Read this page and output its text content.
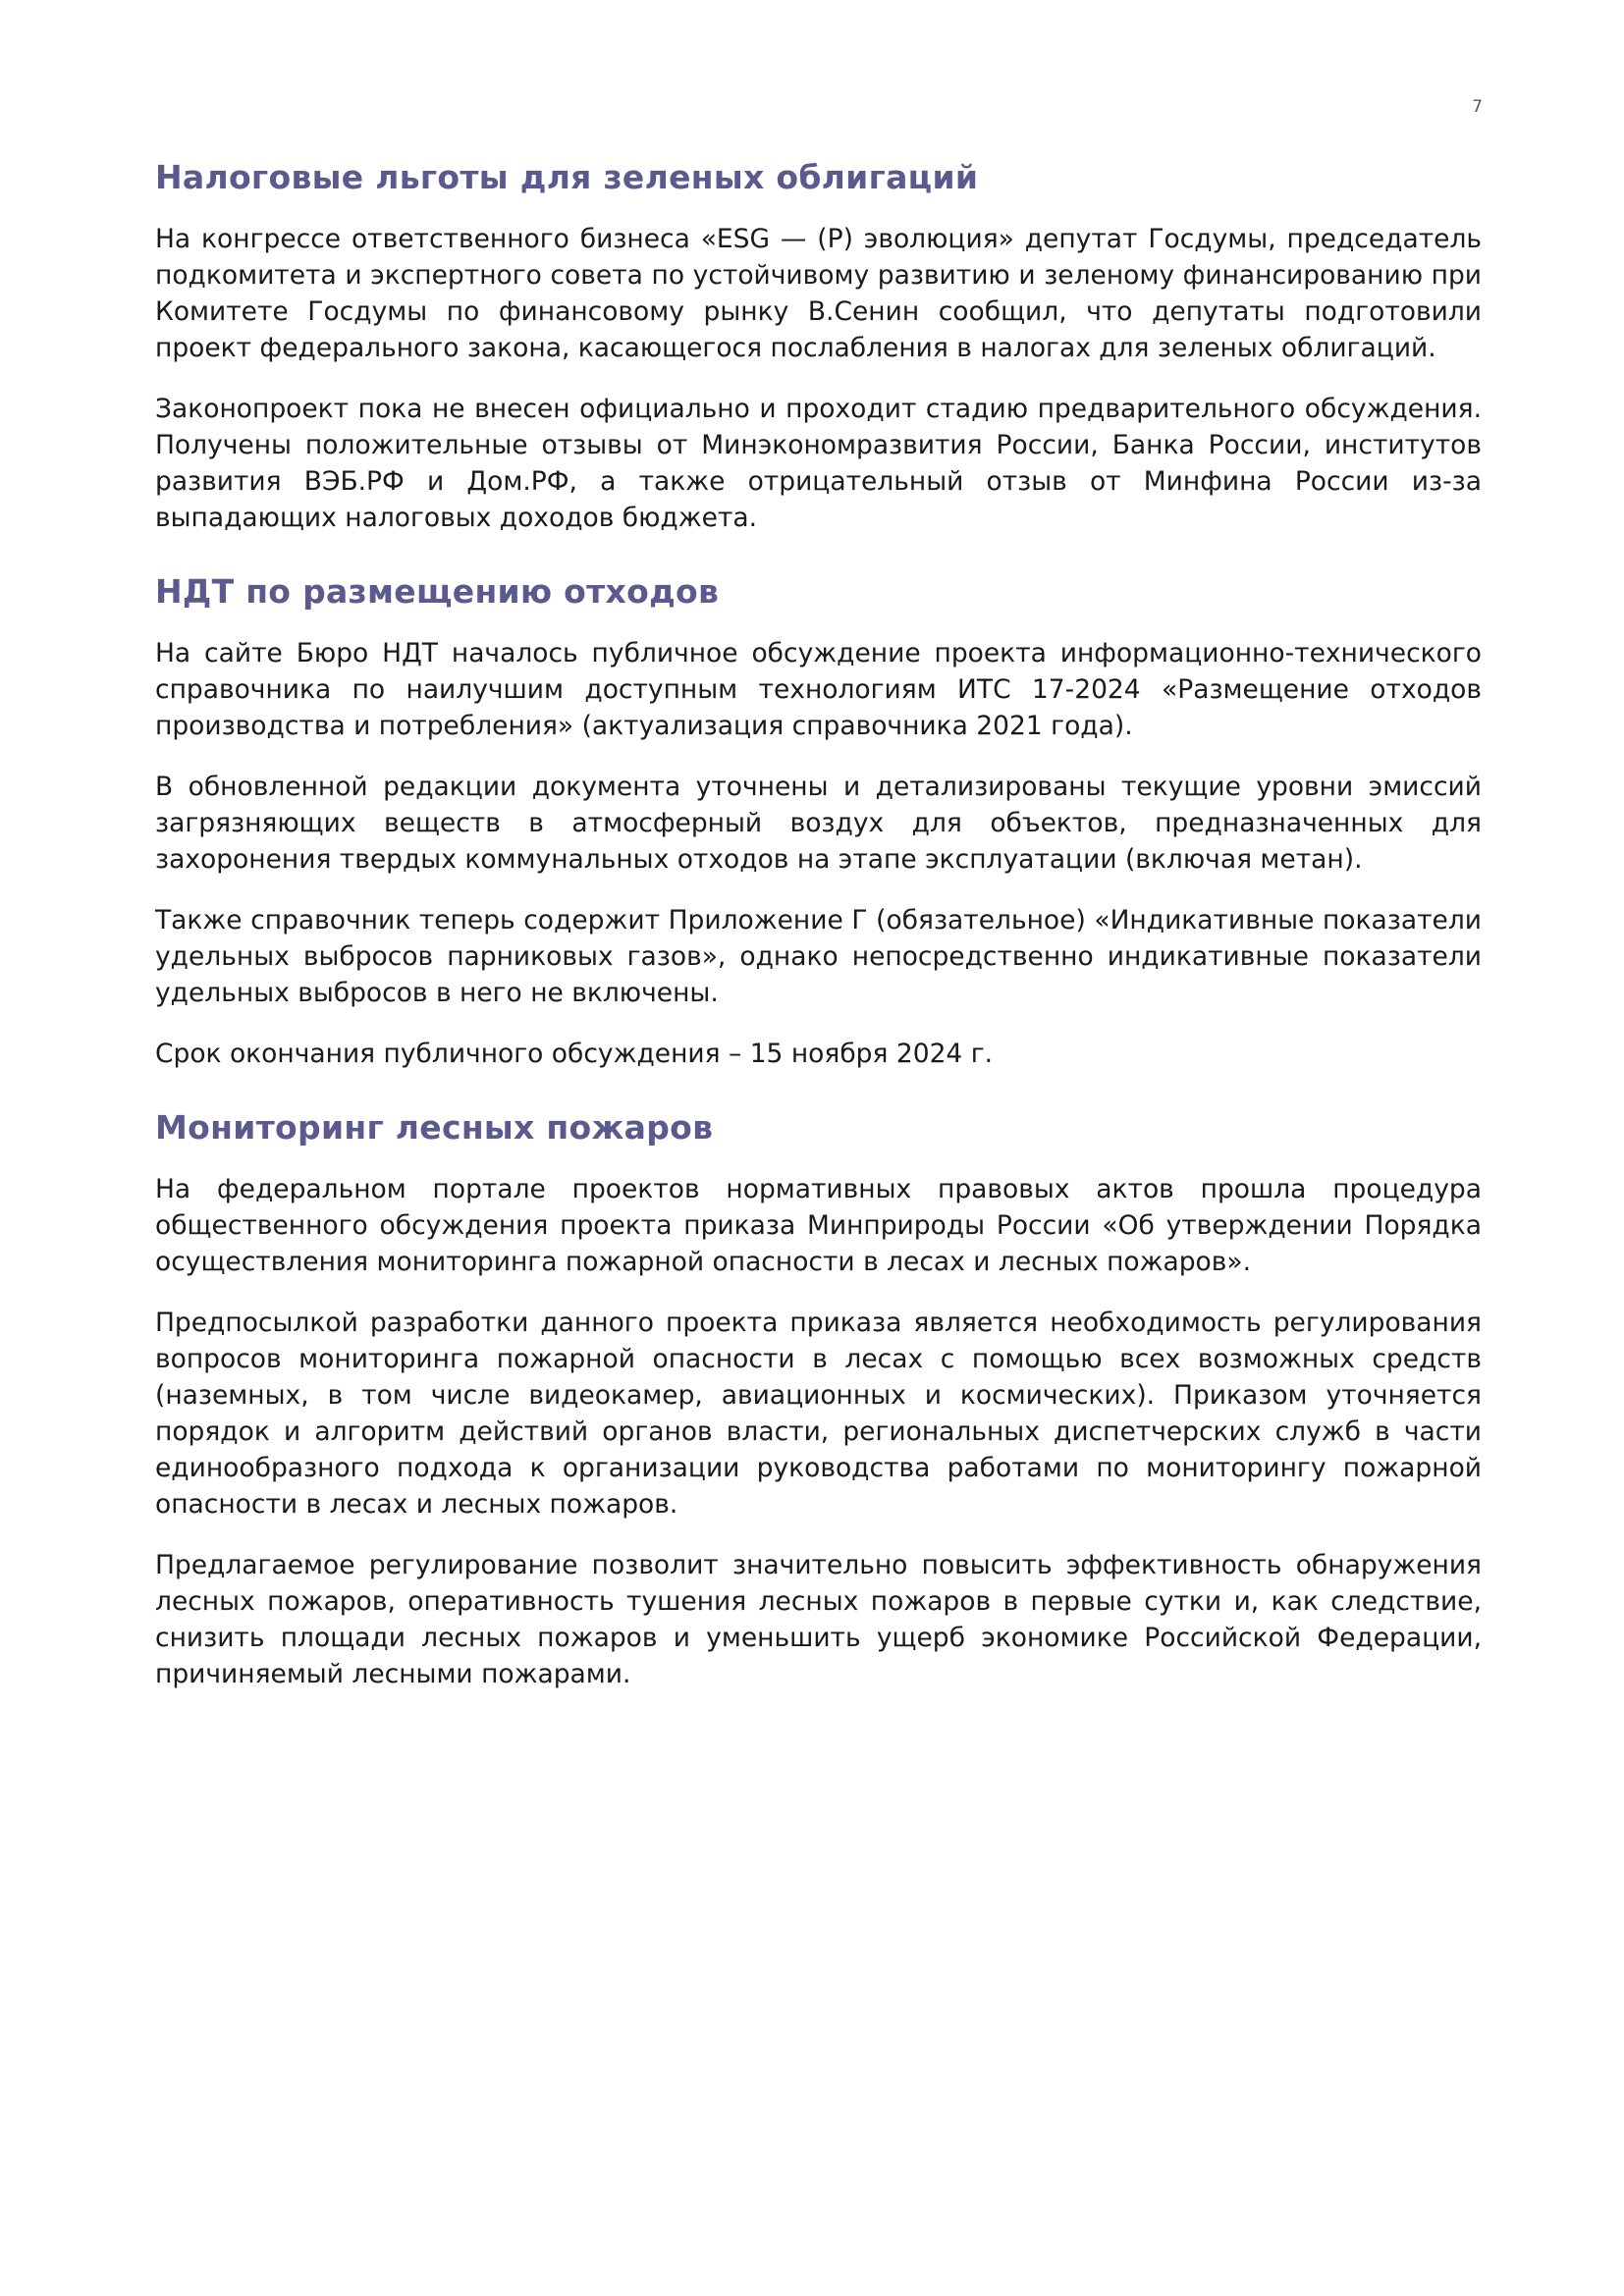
7
Налоговые льготы для зеленых облигаций

На конгрессе ответственного бизнеса «ESG — (Р) эволюция» депутат Госдумы, председатель подкомитета и экспертного совета по устойчивому развитию и зеленому финансированию при Комитете Госдумы по финансовому рынку В.Сенин сообщил, что депутаты подготовили проект федерального закона, касающегося послабления в налогах для зеленых облигаций.

Законопроект пока не внесен официально и проходит стадию предварительного обсуждения. Получены положительные отзывы от Минэкономразвития России, Банка России, институтов развития ВЭБ.РФ и Дом.РФ, а также отрицательный отзыв от Минфина России из-за выпадающих налоговых доходов бюджета.

НДТ по размещению отходов

На сайте Бюро НДТ началось публичное обсуждение проекта информационно-технического справочника по наилучшим доступным технологиям ИТС 17-2024 «Размещение отходов производства и потребления» (актуализация справочника 2021 года).

В обновленной редакции документа уточнены и детализированы текущие уровни эмиссий загрязняющих веществ в атмосферный воздух для объектов, предназначенных для захоронения твердых коммунальных отходов на этапе эксплуатации (включая метан).

Также справочник теперь содержит Приложение Г (обязательное) «Индикативные показатели удельных выбросов парниковых газов», однако непосредственно индикативные показатели удельных выбросов в него не включены.

Срок окончания публичного обсуждения – 15 ноября 2024 г.

Мониторинг лесных пожаров

На федеральном портале проектов нормативных правовых актов прошла процедура общественного обсуждения проекта приказа Минприроды России «Об утверждении Порядка осуществления мониторинга пожарной опасности в лесах и лесных пожаров».

Предпосылкой разработки данного проекта приказа является необходимость регулирования вопросов мониторинга пожарной опасности в лесах с помощью всех возможных средств (наземных, в том числе видеокамер, авиационных и космических). Приказом уточняется порядок и алгоритм действий органов власти, региональных диспетчерских служб в части единообразного подхода к организации руководства работами по мониторингу пожарной опасности в лесах и лесных пожаров.

Предлагаемое регулирование позволит значительно повысить эффективность обнаружения лесных пожаров, оперативность тушения лесных пожаров в первые сутки и, как следствие, снизить площади лесных пожаров и уменьшить ущерб экономике Российской Федерации, причиняемый лесными пожарами.
